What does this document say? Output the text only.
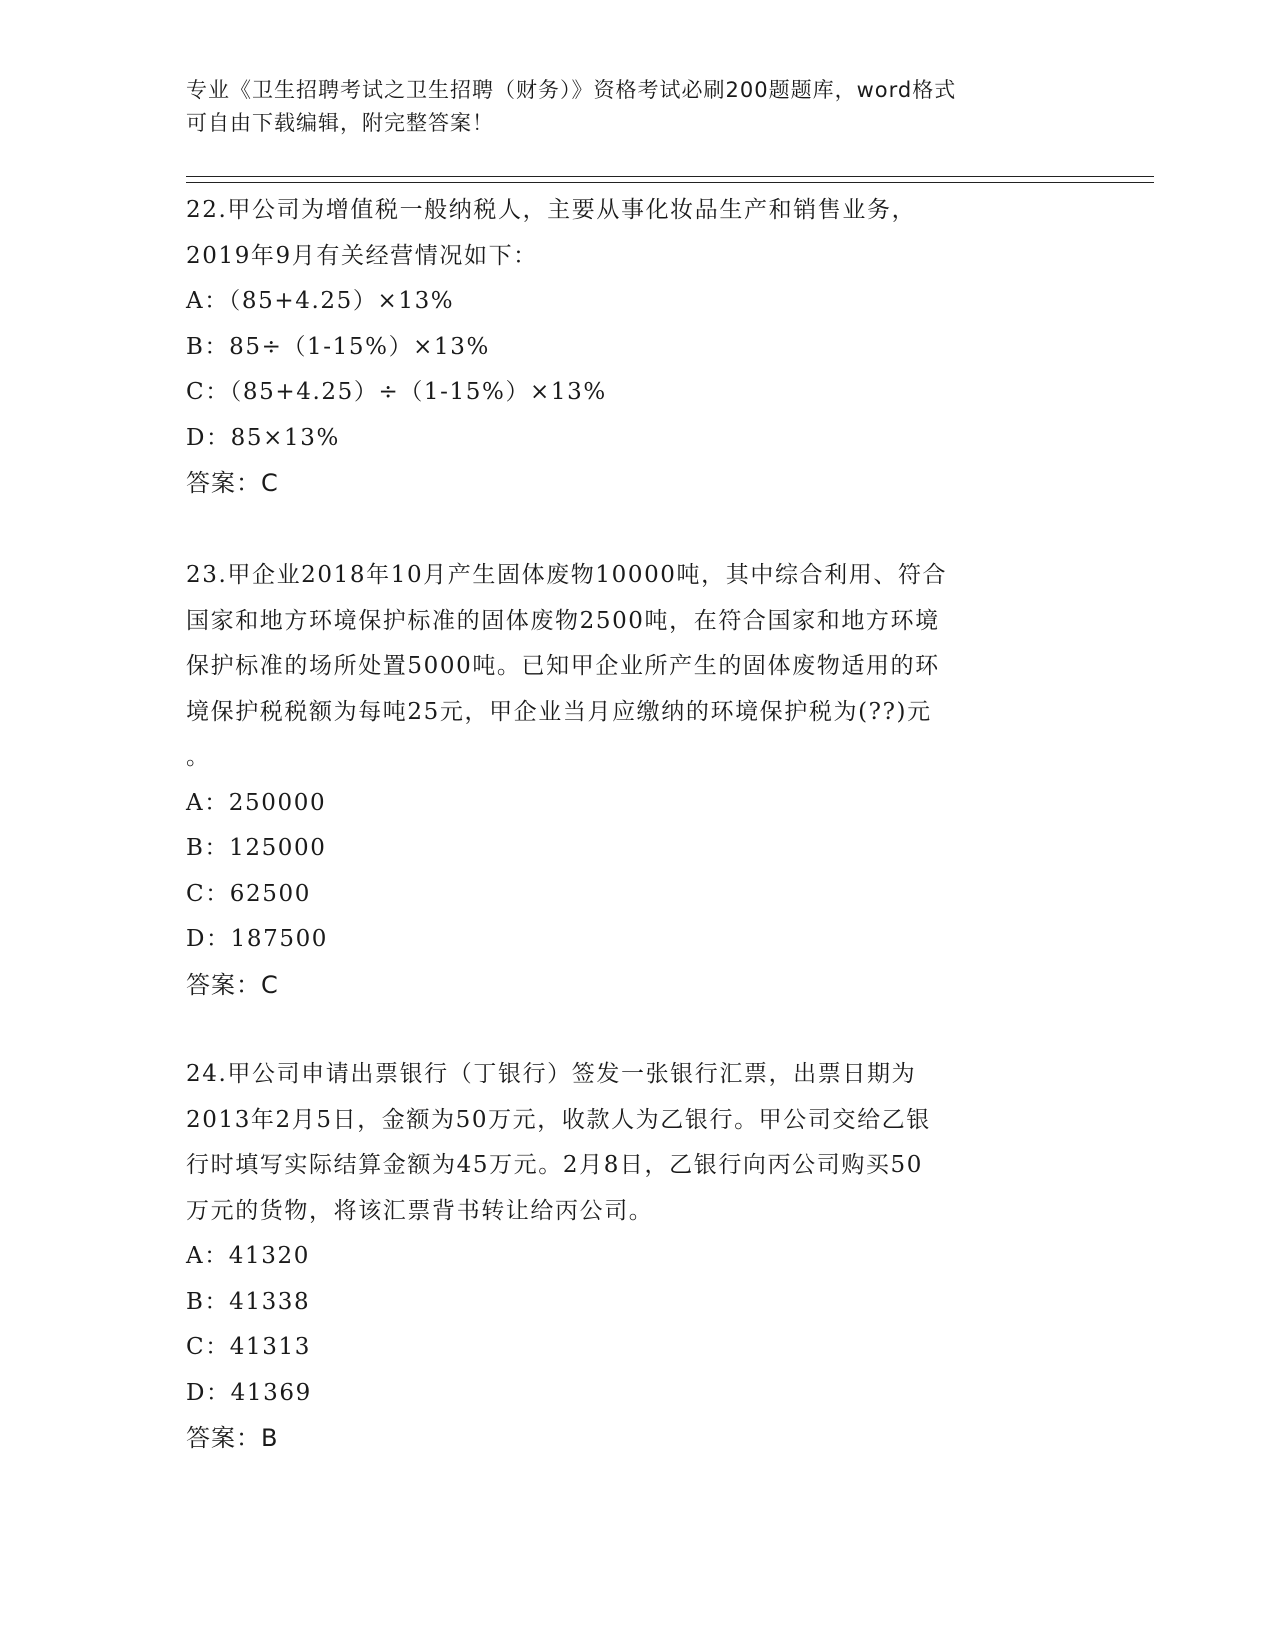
专业《卫生招聘考试之卫生招聘（财务）》资格考试必刷200题题库，word格式
可自由下载编辑，附完整答案！

22.甲公司为增值税一般纳税人，主要从事化妆品生产和销售业务，

2019年9月有关经营情况如下：

A：（85+4.25）×13%

B：85÷（1-15%）×13%

C：（85+4.25）÷（1-15%）×13%

D：85×13%

答案：C

23.甲企业2018年10月产生固体废物10000吨，其中综合利用、符合

国家和地方环境保护标准的固体废物2500吨，在符合国家和地方环境

保护标准的场所处置5000吨。已知甲企业所产生的固体废物适用的环

境保护税税额为每吨25元，甲企业当月应缴纳的环境保护税为(??)元

。

A：250000

B：125000

C：62500

D：187500

答案：C

24.甲公司申请出票银行（丁银行）签发一张银行汇票，出票日期为

2013年2月5日，金额为50万元，收款人为乙银行。甲公司交给乙银

行时填写实际结算金额为45万元。2月8日，乙银行向丙公司购买50

万元的货物，将该汇票背书转让给丙公司。

A：41320

B：41338

C：41313

D：41369

答案：B
